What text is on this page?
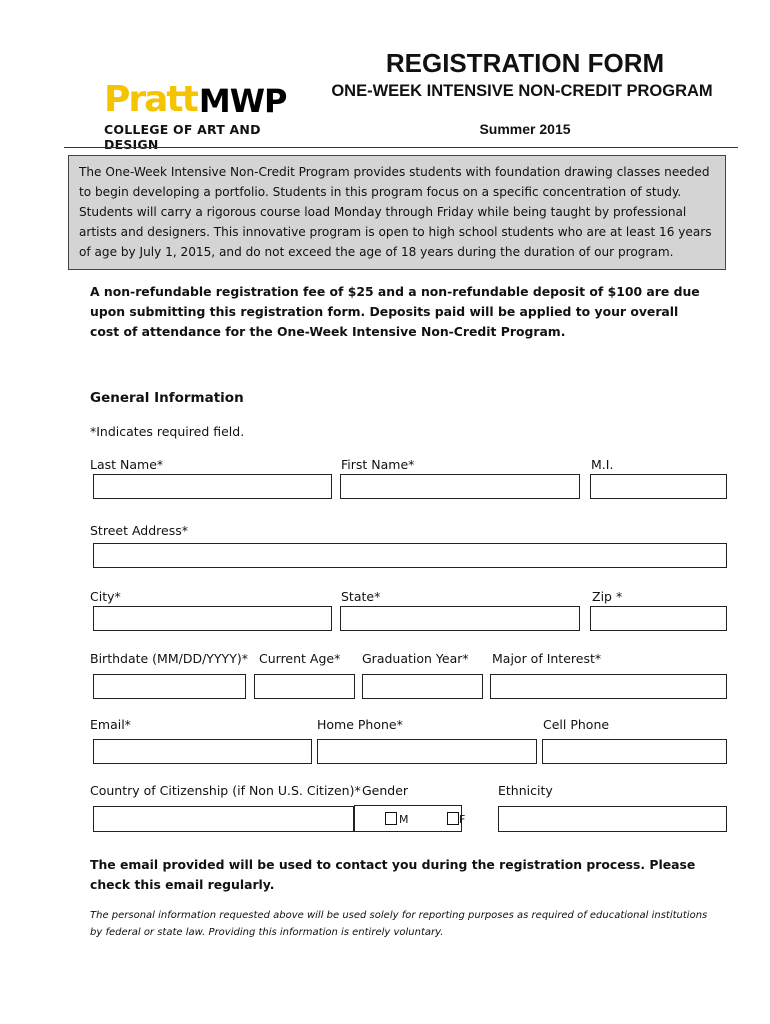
Pratt MWP
COLLEGE OF ART AND DESIGN
REGISTRATION FORM
ONE-WEEK INTENSIVE NON-CREDIT PROGRAM
Summer 2015
The One-Week Intensive Non-Credit Program provides students with foundation drawing classes needed to begin developing a portfolio. Students in this program focus on a specific concentration of study. Students will carry a rigorous course load Monday through Friday while being taught by professional artists and designers. This innovative program is open to high school students who are at least 16 years of age by July 1, 2015, and do not exceed the age of 18 years during the duration of our program.
A non-refundable registration fee of $25 and a non-refundable deposit of $100 are due upon submitting this registration form. Deposits paid will be applied to your overall cost of attendance for the One-Week Intensive Non-Credit Program.
General Information
*Indicates required field.
Last Name*	First Name*	M.I.
Street Address*
City*	State*	Zip *
Birthdate (MM/DD/YYYY)* Current Age* Graduation Year* Major of Interest*
Email*	Home Phone*	Cell Phone
Country of Citizenship (if Non U.S. Citizen)* Gender	Ethnicity
M	F
The email provided will be used to contact you during the registration process. Please check this email regularly.
The personal information requested above will be used solely for reporting purposes as required of educational institutions by federal or state law. Providing this information is entirely voluntary.
